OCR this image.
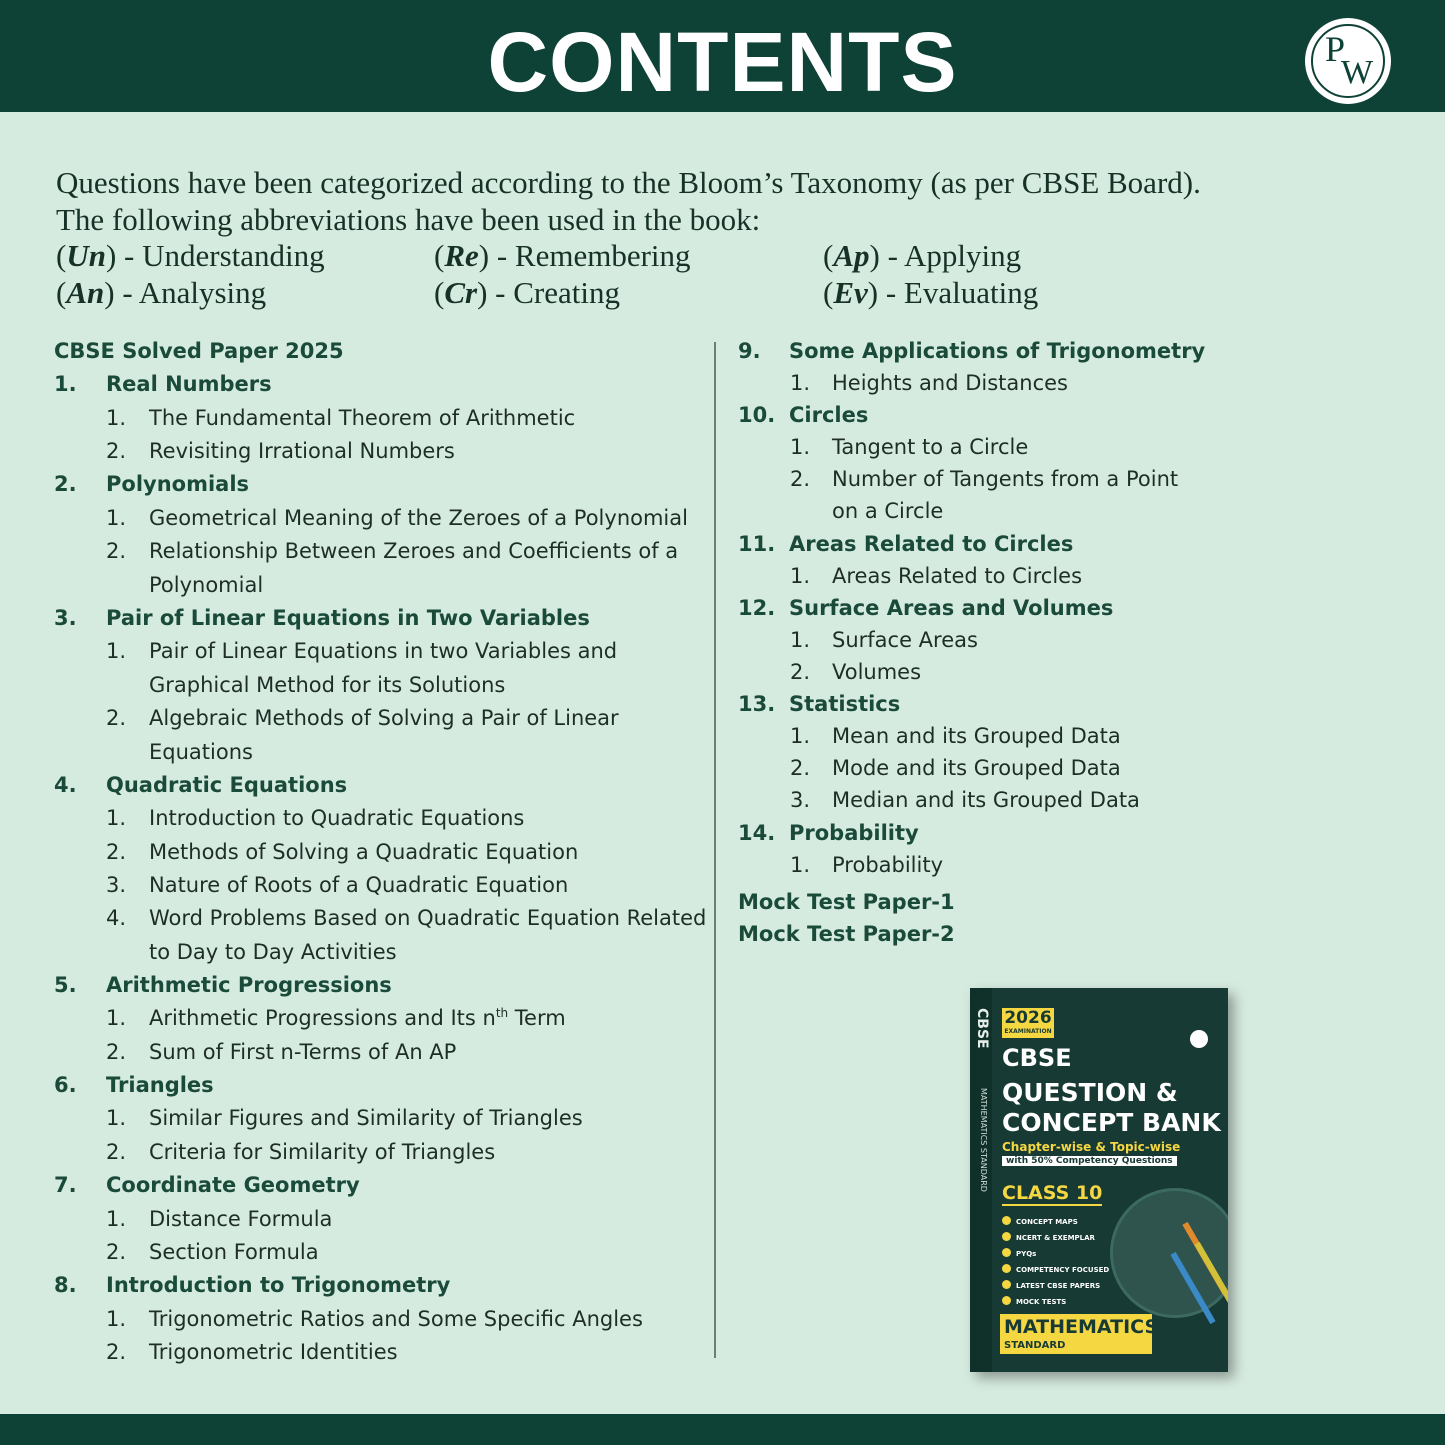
CONTENTS	P
W
Questions have been categorized according to the Bloom’s Taxonomy (as per CBSE Board).
The following abbreviations have been used in the book:
(Un) - Understanding	(Re) - Remembering	(Ap) - Applying
(An) - Analysing	(Cr) - Creating	(Ev) - Evaluating
CBSE Solved Paper 2025
1. Real Numbers
1. The Fundamental Theorem of Arithmetic
2. Revisiting Irrational Numbers
2. Polynomials
1. Geometrical Meaning of the Zeroes of a Polynomial
2. Relationship Between Zeroes and Coefficients of a
Polynomial
3. Pair of Linear Equations in Two Variables
1. Pair of Linear Equations in two Variables and
Graphical Method for its Solutions
2. Algebraic Methods of Solving a Pair of Linear
Equations
4. Quadratic Equations
1. Introduction to Quadratic Equations
2. Methods of Solving a Quadratic Equation
3. Nature of Roots of a Quadratic Equation
4. Word Problems Based on Quadratic Equation Related
to Day to Day Activities
5. Arithmetic Progressions
1. Arithmetic Progressions and Its $n^{th}$ Term
2. Sum of First n-Terms of An AP
6. Triangles
1. Similar Figures and Similarity of Triangles
2. Criteria for Similarity of Triangles
7. Coordinate Geometry
1. Distance Formula
2. Section Formula
8. Introduction to Trigonometry
1. Trigonometric Ratios and Some Specific Angles
2. Trigonometric Identities
9. Some Applications of Trigonometry
1. Heights and Distances
10. Circles
1. Tangent to a Circle
2. Number of Tangents from a Point
on a Circle
11. Areas Related to Circles
1. Areas Related to Circles
12. Surface Areas and Volumes
1. Surface Areas
2. Volumes
13. Statistics
1. Mean and its Grouped Data
2. Mode and its Grouped Data
3. Median and its Grouped Data
14. Probability
1. Probability
Mock Test Paper-1
Mock Test Paper-2
CBSE
MATHEMATICS STANDARD
2026
EXAMINATION
CBSE
QUESTION &
CONCEPT BANK
Chapter-wise & Topic-wise
with 50% Competency Questions
CLASS 10
CONCEPT MAPS
NCERT & EXEMPLAR
PYQs
COMPETENCY FOCUSED
LATEST CBSE PAPERS
MOCK TESTS
MATHEMATICS
STANDARD
